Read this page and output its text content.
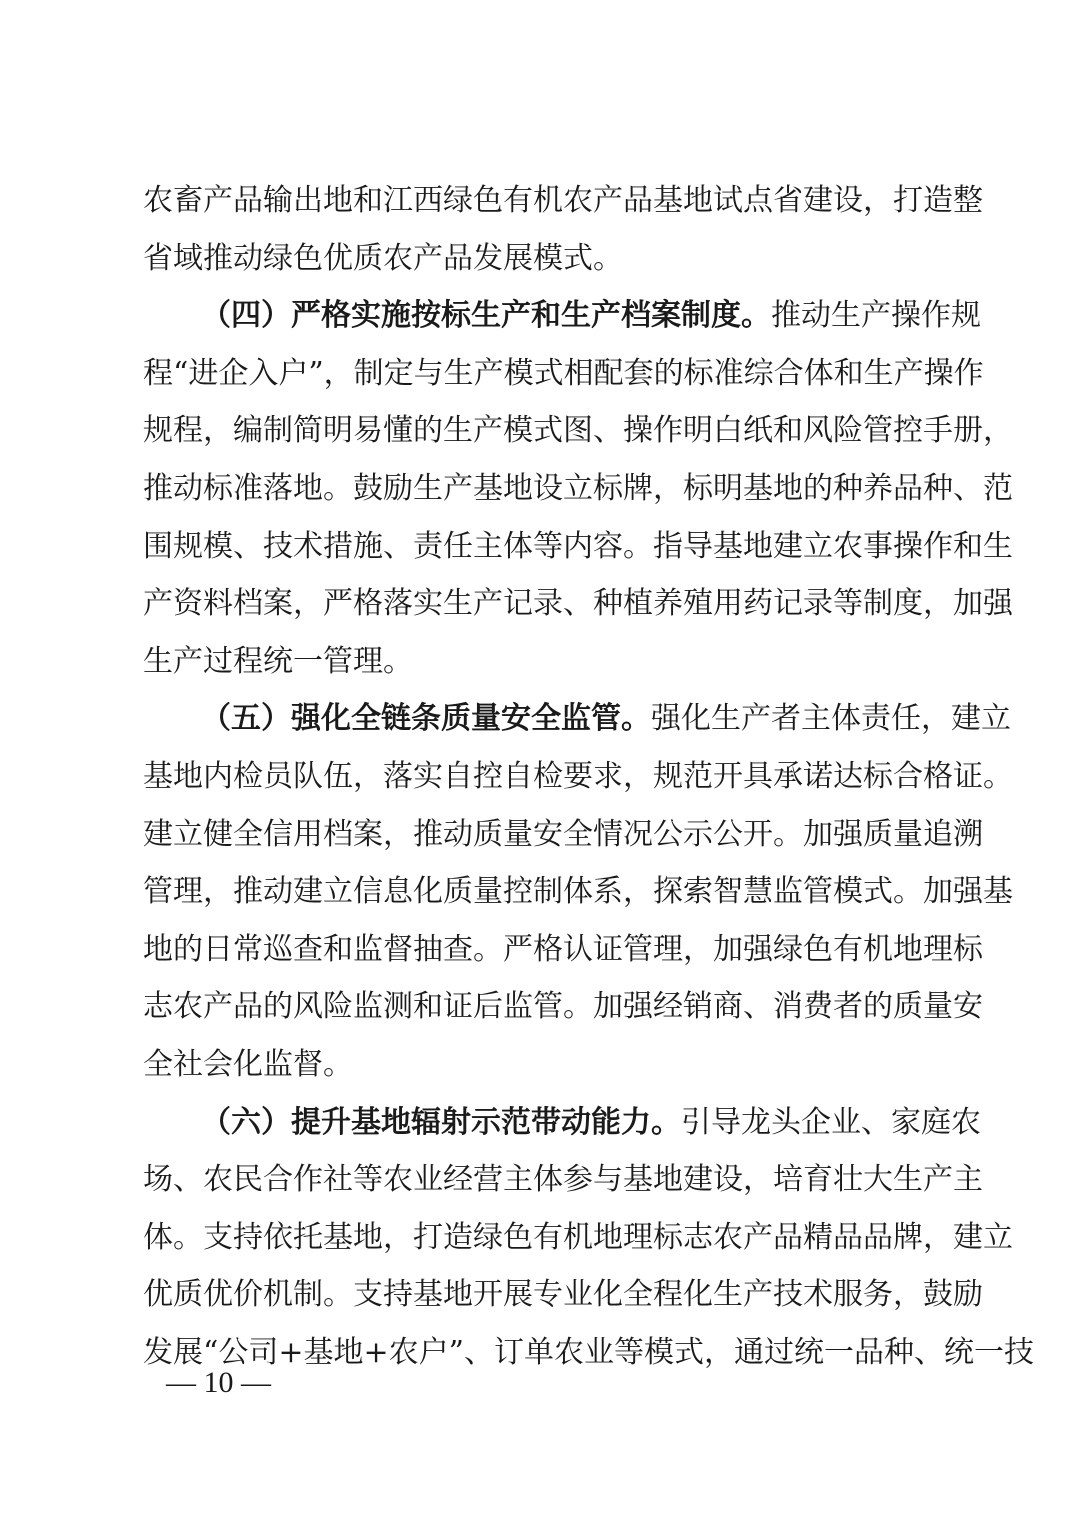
农畜产品输出地和江西绿色有机农产品基地试点省建设，打造整
省域推动绿色优质农产品发展模式。
（四）严格实施按标生产和生产档案制度。推动生产操作规
程“进企入户”，制定与生产模式相配套的标准综合体和生产操作
规程，编制简明易懂的生产模式图、操作明白纸和风险管控手册，
推动标准落地。鼓励生产基地设立标牌，标明基地的种养品种、范
围规模、技术措施、责任主体等内容。指导基地建立农事操作和生
产资料档案，严格落实生产记录、种植养殖用药记录等制度，加强
生产过程统一管理。
（五）强化全链条质量安全监管。强化生产者主体责任，建立
基地内检员队伍，落实自控自检要求，规范开具承诺达标合格证。
建立健全信用档案，推动质量安全情况公示公开。加强质量追溯
管理，推动建立信息化质量控制体系，探索智慧监管模式。加强基
地的日常巡查和监督抽查。严格认证管理，加强绿色有机地理标
志农产品的风险监测和证后监管。加强经销商、消费者的质量安
全社会化监督。
（六）提升基地辐射示范带动能力。引导龙头企业、家庭农
场、农民合作社等农业经营主体参与基地建设，培育壮大生产主
体。支持依托基地，打造绿色有机地理标志农产品精品品牌，建立
优质优价机制。支持基地开展专业化全程化生产技术服务，鼓励
发展“公司+基地+农户”、订单农业等模式，通过统一品种、统一技
— 10 —
